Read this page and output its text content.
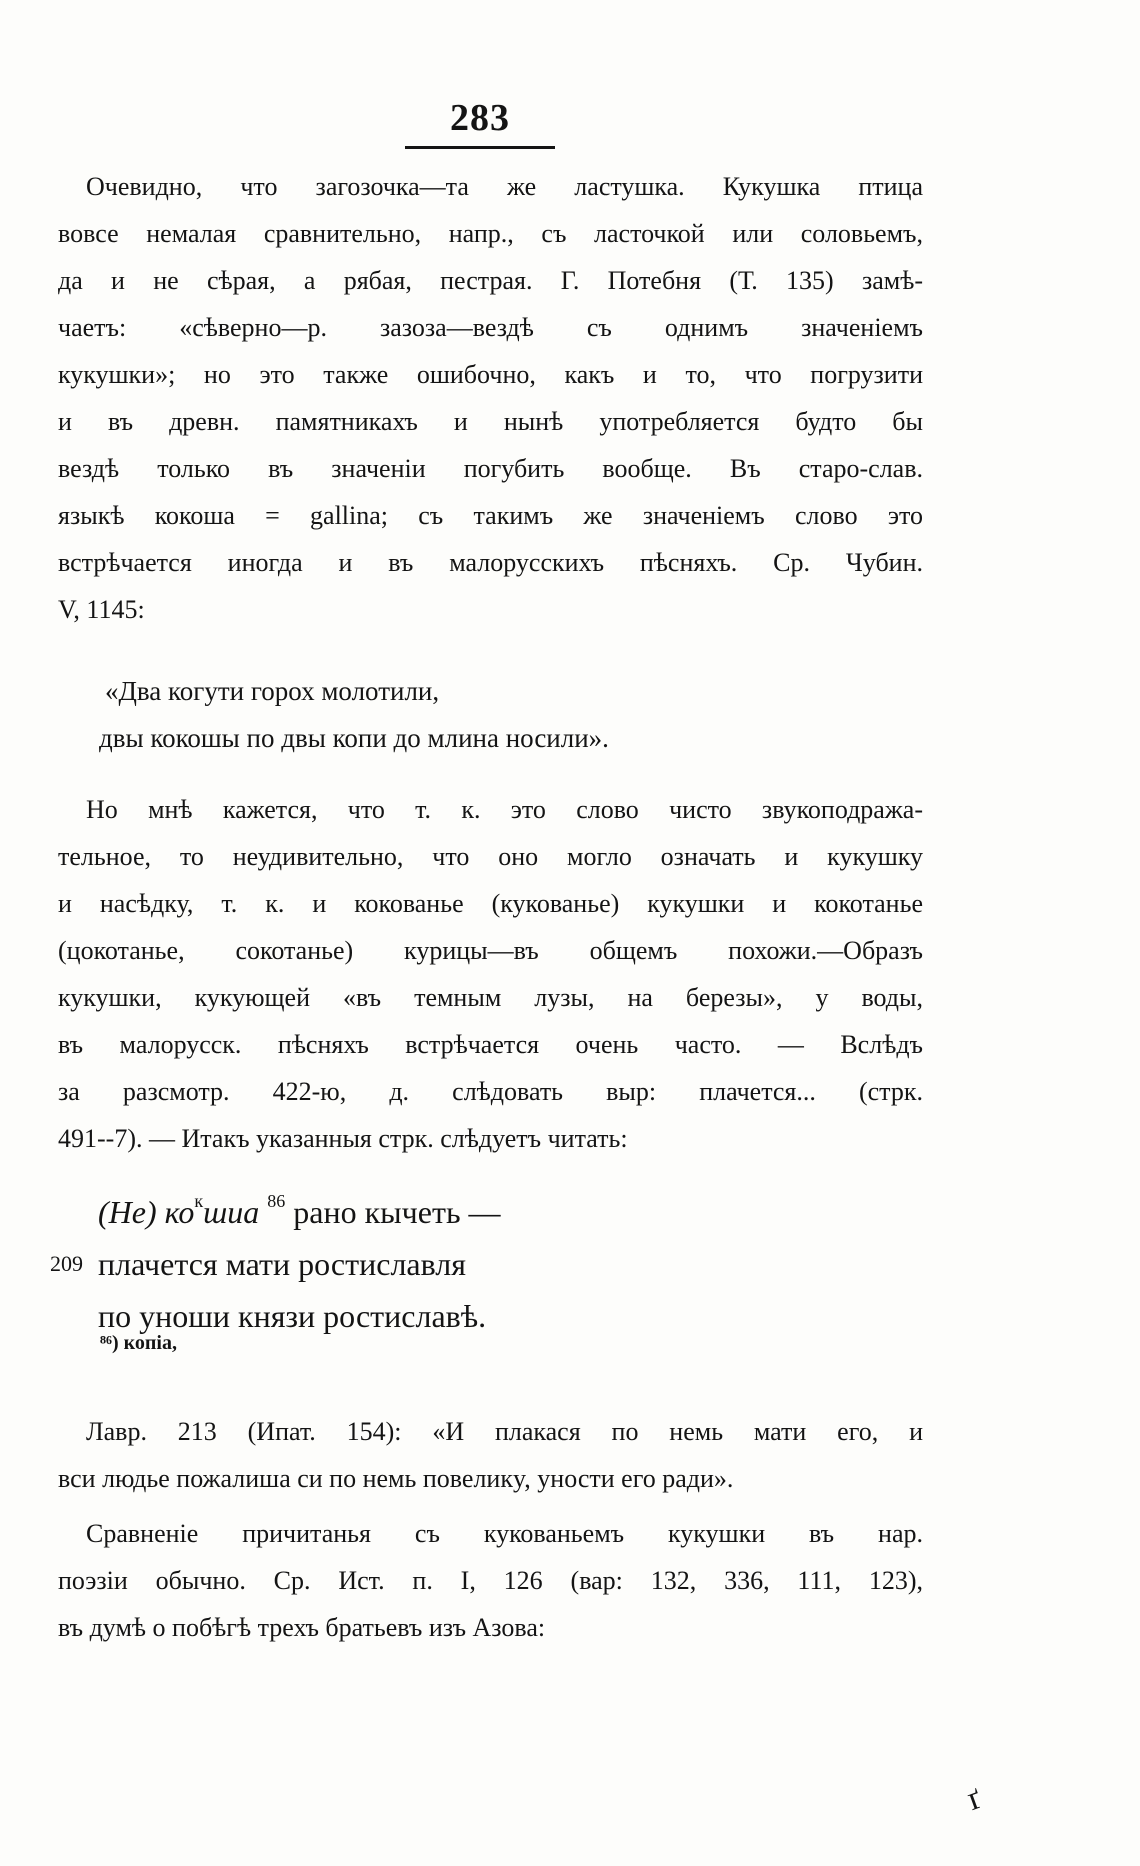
283
Очевидно, что загозочка—та же ластушка. Кукушка птица
вовсе немалая сравнительно, напр., съ ласточкой или соловьемъ,
да и не сѣрая, а рябая, пестрая. Г. Потебня (Т. 135) замѣ-
чаетъ: «сѣверно—р. зазоза—вездѣ съ однимъ значенiемъ
кукушки»; но это также ошибочно, какъ и то, что погрузити
и въ древн. памятникахъ и нынѣ употребляется будто бы
вездѣ только въ значенiи погубить вообще. Въ старо-слав.
языкѣ кокоша = gallina; съ такимъ же значенiемъ слово это
встрѣчается иногда и въ малорусскихъ пѣсняхъ. Ср. Чубин.
V, 1145:
«Два когути горох молотили,
двы кокошы по двы копи до млина носили».
Но мнѣ кажется, что т. к. это слово чисто звукоподража-
тельное, то неудивительно, что оно могло означать и кукушку
и насѣдку, т. к. и кокованье (кукованье) кукушки и кокотанье
(цокотанье, сокотанье) курицы—въ общемъ похожи.—Образъ
кукушки, кукующей «въ темным лузы, на березы», у воды,
въ малорусск. пѣсняхъ встрѣчается очень часто. — Вслѣдъ
за разсмотр. 422-ю, д. слѣдовать выр: плачется... (стрк.
491--7). — Итакъ указанныя стрк. слѣдуетъ читать:
(Не) $ко^кшиа$ $^{86}$ рано кычеть —
плачется мати ростиславля
по уноши князи ростиславѣ.
209
⁸⁶) копiа,
Лавр. 213 (Ипат. 154): «И плакася по немь мати его, и
вси людье пожалиша си по немь повеликy, уности его ради».
Сравненiе причитанья съ кукованьемъ кукушки въ нар.
поэзiи обычно. Ср. Ист. п. I, 126 (вар: 132, 336, 111, 123),
въ думѣ о побѣгѣ трехъ братьевъ изъ Азова:
ґ
